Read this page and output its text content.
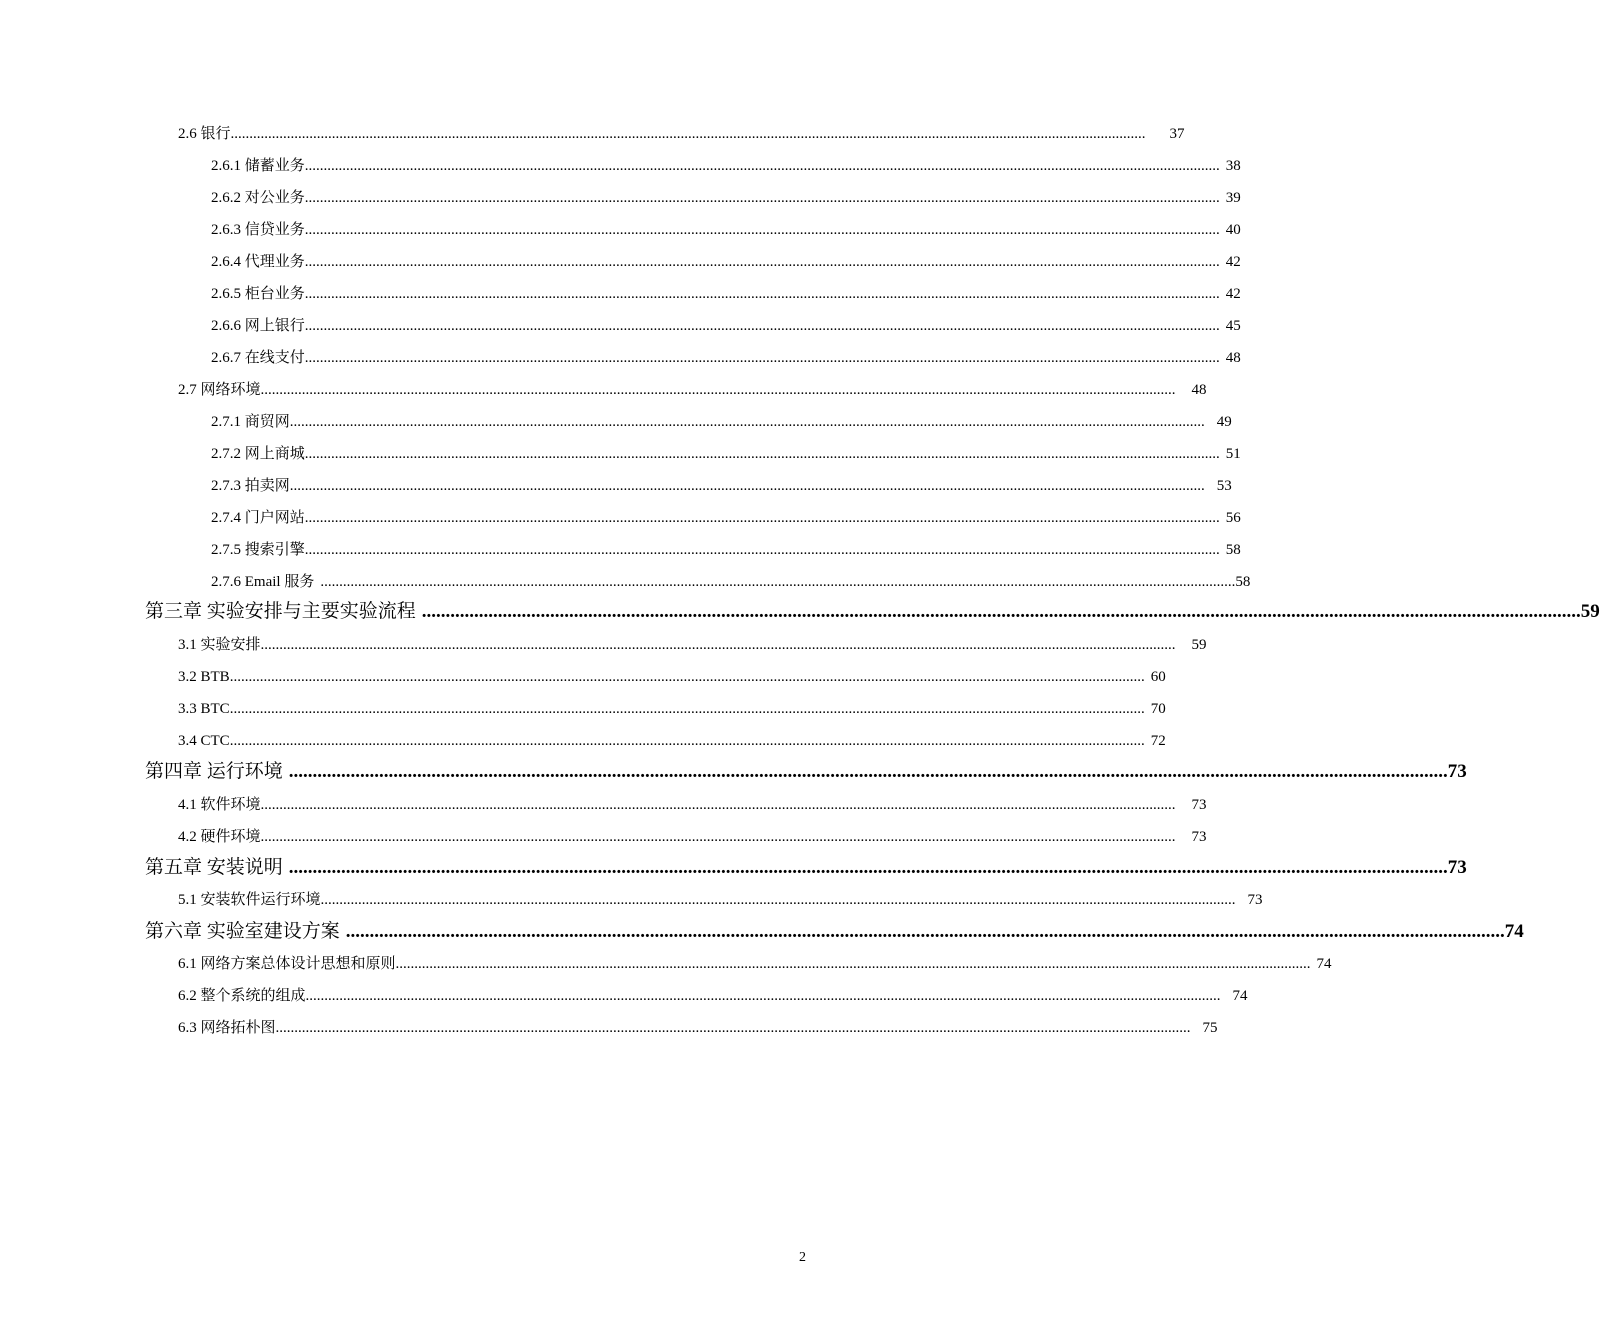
2.6 银行 ....................................................................................................................................................................................................................................................	37
2.6.1 储蓄业务 .................................................................................................................................................................................................................................................... 38
2.6.2 对公业务 .................................................................................................................................................................................................................................................... 39
2.6.3 信贷业务 .................................................................................................................................................................................................................................................... 40
2.6.4 代理业务 .................................................................................................................................................................................................................................................... 42
2.6.5 柜台业务 .................................................................................................................................................................................................................................................... 42
2.6.6 网上银行 .................................................................................................................................................................................................................................................... 45
2.6.7 在线支付 .................................................................................................................................................................................................................................................... 48
2.7 网络环境 ....................................................................................................................................................................................................................................................	48
2.7.1 商贸网 .................................................................................................................................................................................................................................................... 49
2.7.2 网上商城 .................................................................................................................................................................................................................................................... 51
2.7.3 拍卖网 .................................................................................................................................................................................................................................................... 53
2.7.4 门户网站 .................................................................................................................................................................................................................................................... 56
2.7.5 搜索引擎 .................................................................................................................................................................................................................................................... 58
2.7.6 Email 服务 .................................................................................................................................................................................................................................................... 58
第三章 实验安排与主要实验流程 .................................................................................................................................................................................................................................................... 59
3.1 实验安排 ....................................................................................................................................................................................................................................................	59
3.2 BTB .................................................................................................................................................................................................................................................... 60
3.3 BTC .................................................................................................................................................................................................................................................... 70
3.4 CTC .................................................................................................................................................................................................................................................... 72
第四章 运行环境 .................................................................................................................................................................................................................................................... 73
4.1 软件环境 ....................................................................................................................................................................................................................................................	73
4.2 硬件环境 ....................................................................................................................................................................................................................................................	73
第五章 安装说明 .................................................................................................................................................................................................................................................... 73
5.1 安装软件运行环境 .................................................................................................................................................................................................................................................... 73
第六章 实验室建设方案 .................................................................................................................................................................................................................................................... 74
6.1 网络方案总体设计思想和原则 .................................................................................................................................................................................................................................................... 74
6.2 整个系统的组成 .................................................................................................................................................................................................................................................... 74
6.3 网络拓朴图 .................................................................................................................................................................................................................................................... 75
2
